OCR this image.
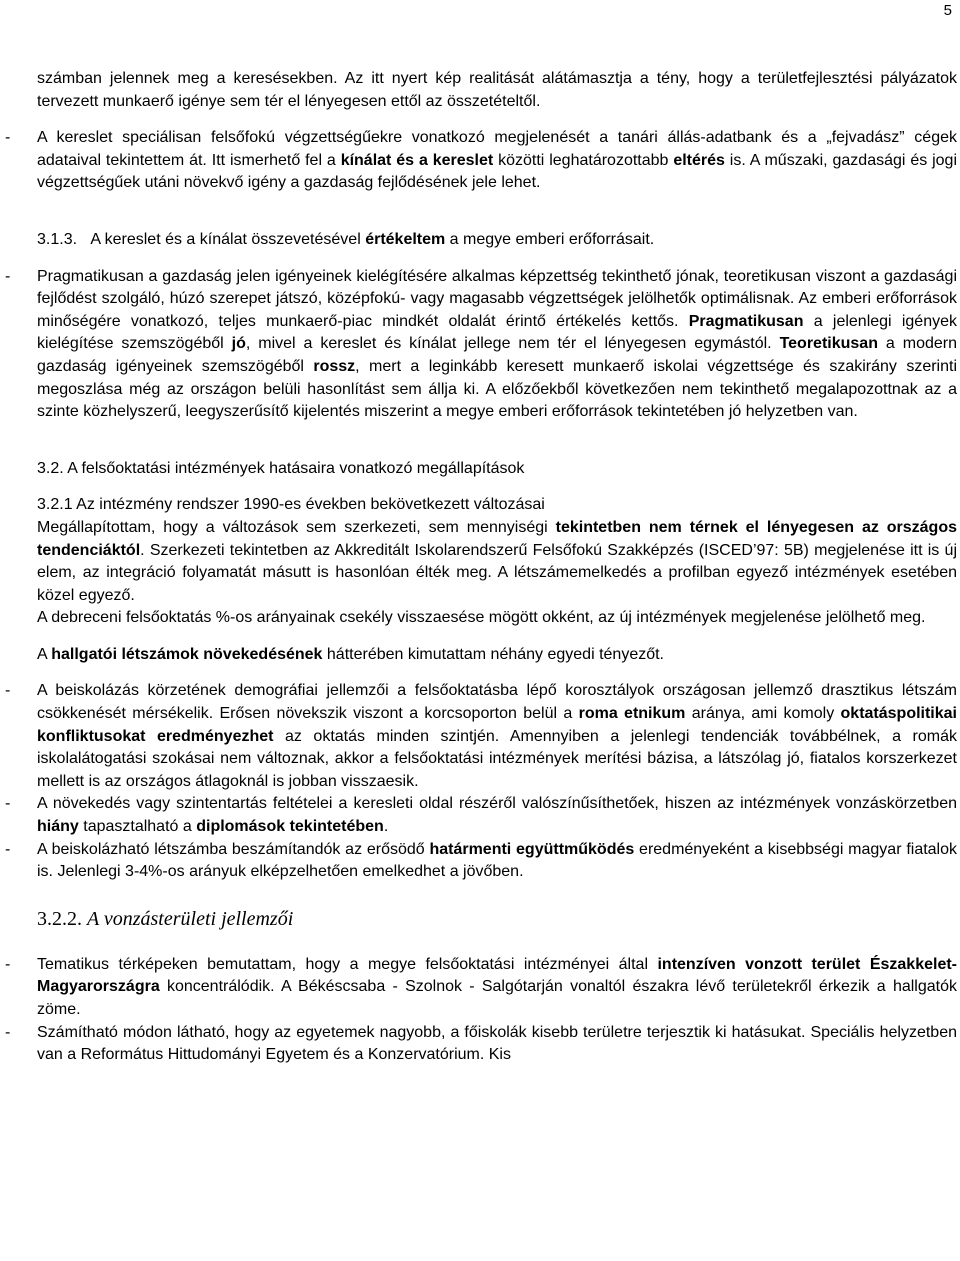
5

számban jelennek meg a keresésekben. Az itt nyert kép realitását alátámasztja a tény, hogy a területfejlesztési pályázatok tervezett munkaerő igénye sem tér el lényegesen ettől az összetételtől.

- A kereslet speciálisan felsőfokú végzettségűekre vonatkozó megjelenését a tanári állás-adatbank és a „fejvadász” cégek adataival tekintettem át. Itt ismerhető fel a kínálat és a kereslet közötti leghatározottabb eltérés is. A műszaki, gazdasági és jogi végzettségűek utáni növekvő igény a gazdaság fejlődésének jele lehet.

3.1.3. A kereslet és a kínálat összevetésével értékeltem a megye emberi erőforrásait.

- Pragmatikusan a gazdaság jelen igényeinek kielégítésére alkalmas képzettség tekinthető jónak, teoretikusan viszont a gazdasági fejlődést szolgáló, húzó szerepet játszó, középfokú- vagy magasabb végzettségek jelölhetők optimálisnak. Az emberi erőforrások minőségére vonatkozó, teljes munkaerő-piac mindkét oldalát érintő értékelés kettős. Pragmatikusan a jelenlegi igények kielégítése szemszögéből jó, mivel a kereslet és kínálat jellege nem tér el lényegesen egymástól. Teoretikusan a modern gazdaság igényeinek szemszögéből rossz, mert a leginkább keresett munkaerő iskolai végzettsége és szakirány szerinti megoszlása még az országon belüli hasonlítást sem állja ki. A előzőekből következően nem tekinthető megalapozottnak az a szinte közhelyszerű, leegyszerűsítő kijelentés miszerint a megye emberi erőforrások tekintetében jó helyzetben van.

3.2. A felsőoktatási intézmények hatásaira vonatkozó megállapítások

3.2.1 Az intézmény rendszer 1990-es években bekövetkezett változásai

Megállapítottam, hogy a változások sem szerkezeti, sem mennyiségi tekintetben nem térnek el lényegesen az országos tendenciáktól. Szerkezeti tekintetben az Akkreditált Iskolarendszerű Felsőfokú Szakképzés (ISCED’97: 5B) megjelenése itt is új elem, az integráció folyamatát másutt is hasonlóan élték meg. A létszámemelkedés a profilban egyező intézmények esetében közel egyező.

A debreceni felsőoktatás %-os arányainak csekély visszaesése mögött okként, az új intézmények megjelenése jelölhető meg.

A hallgatói létszámok növekedésének hátterében kimutattam néhány egyedi tényezőt.

- A beiskolázás körzetének demográfiai jellemzői a felsőoktatásba lépő korosztályok országosan jellemző drasztikus létszám csökkenését mérsékelik. Erősen növekszik viszont a korcsoporton belül a roma etnikum aránya, ami komoly oktatáspolitikai konfliktusokat eredményezhet az oktatás minden szintjén. Amennyiben a jelenlegi tendenciák továbbélnek, a romák iskolalátogatási szokásai nem változnak, akkor a felsőoktatási intézmények merítési bázisa, a látszólag jó, fiatalos korszerkezet mellett is az országos átlagoknál is jobban visszaesik.
- A növekedés vagy szintentartás feltételei a keresleti oldal részéről valószínűsíthetőek, hiszen az intézmények vonzáskörzetben hiány tapasztalható a diplomások tekintetében.
- A beiskolázható létszámba beszámítandók az erősödő határmenti együttműködés eredményeként a kisebbségi magyar fiatalok is. Jelenlegi 3-4%-os arányuk elképzelhetően emelkedhet a jövőben.

3.2.2. A vonzásterületi jellemzői

- Tematikus térképeken bemutattam, hogy a megye felsőoktatási intézményei által intenzíven vonzott terület Északkelet-Magyarországra koncentrálódik. A Békéscsaba - Szolnok - Salgótarján vonaltól északra lévő területekről érkezik a hallgatók zöme.
- Számítható módon látható, hogy az egyetemek nagyobb, a főiskolák kisebb területre terjesztik ki hatásukat. Speciális helyzetben van a Református Hittudományi Egyetem és a Konzervatórium. Kis
